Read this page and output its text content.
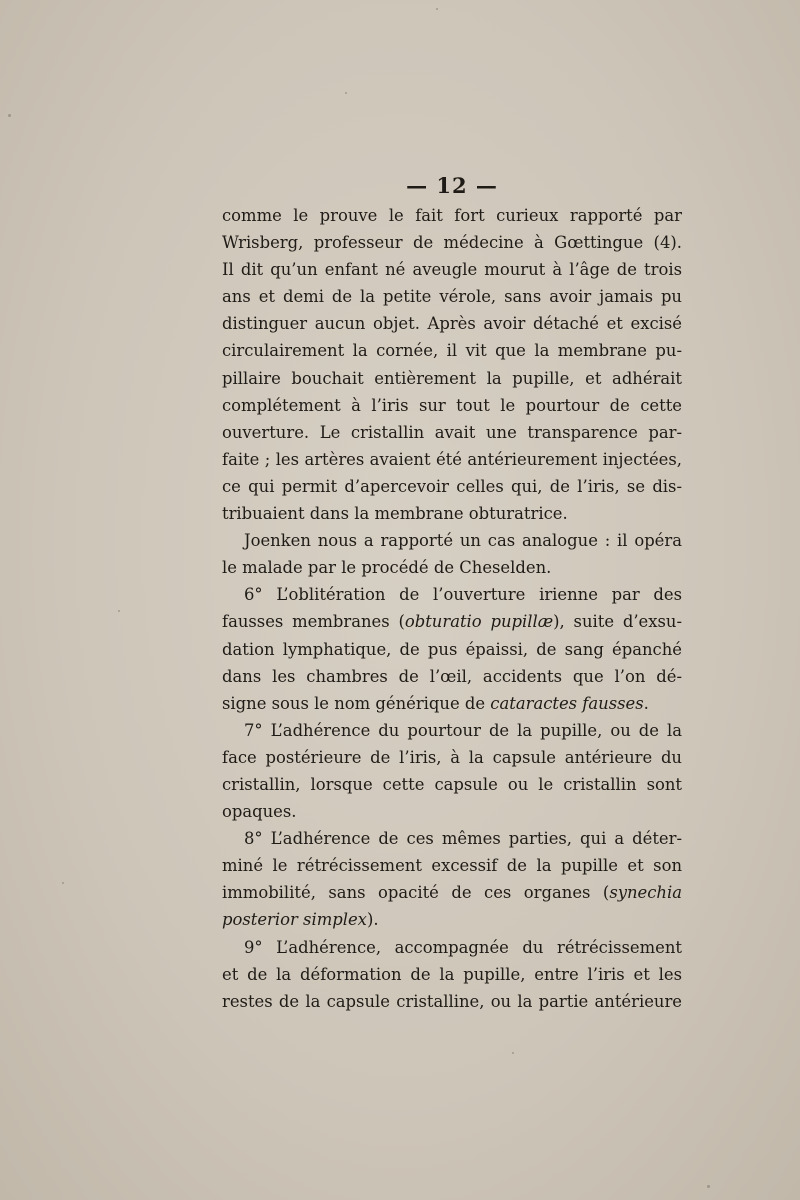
— 12 —
comme le prouve le fait fort curieux rapporté par
Wrisberg, professeur de médecine à Gœttingue (4).
Il dit qu’un enfant né aveugle mourut à l’âge de trois
ans et demi de la petite vérole, sans avoir jamais pu
distinguer aucun objet. Après avoir détaché et excisé
circulairement la cornée, il vit que la membrane pu-
pillaire bouchait entièrement la pupille, et adhérait
complétement à l’iris sur tout le pourtour de cette
ouverture. Le cristallin avait une transparence par-
faite ; les artères avaient été antérieurement injectées,
ce qui permit d’apercevoir celles qui, de l’iris, se dis-
tribuaient dans la membrane obturatrice.
Joenken nous a rapporté un cas analogue : il opéra
le malade par le procédé de Cheselden.
6° L’oblitération de l’ouverture irienne par des
fausses membranes (obturatio pupillæ), suite d’exsu-
dation lymphatique, de pus épaissi, de sang épanché
dans les chambres de l’œil, accidents que l’on dé-
signe sous le nom générique de cataractes fausses.
7° L’adhérence du pourtour de la pupille, ou de la
face postérieure de l’iris, à la capsule antérieure du
cristallin, lorsque cette capsule ou le cristallin sont
opaques.
8° L’adhérence de ces mêmes parties, qui a déter-
miné le rétrécissement excessif de la pupille et son
immobilité, sans opacité de ces organes (synechia
posterior simplex).
9° L’adhérence, accompagnée du rétrécissement
et de la déformation de la pupille, entre l’iris et les
restes de la capsule cristalline, ou la partie antérieure
